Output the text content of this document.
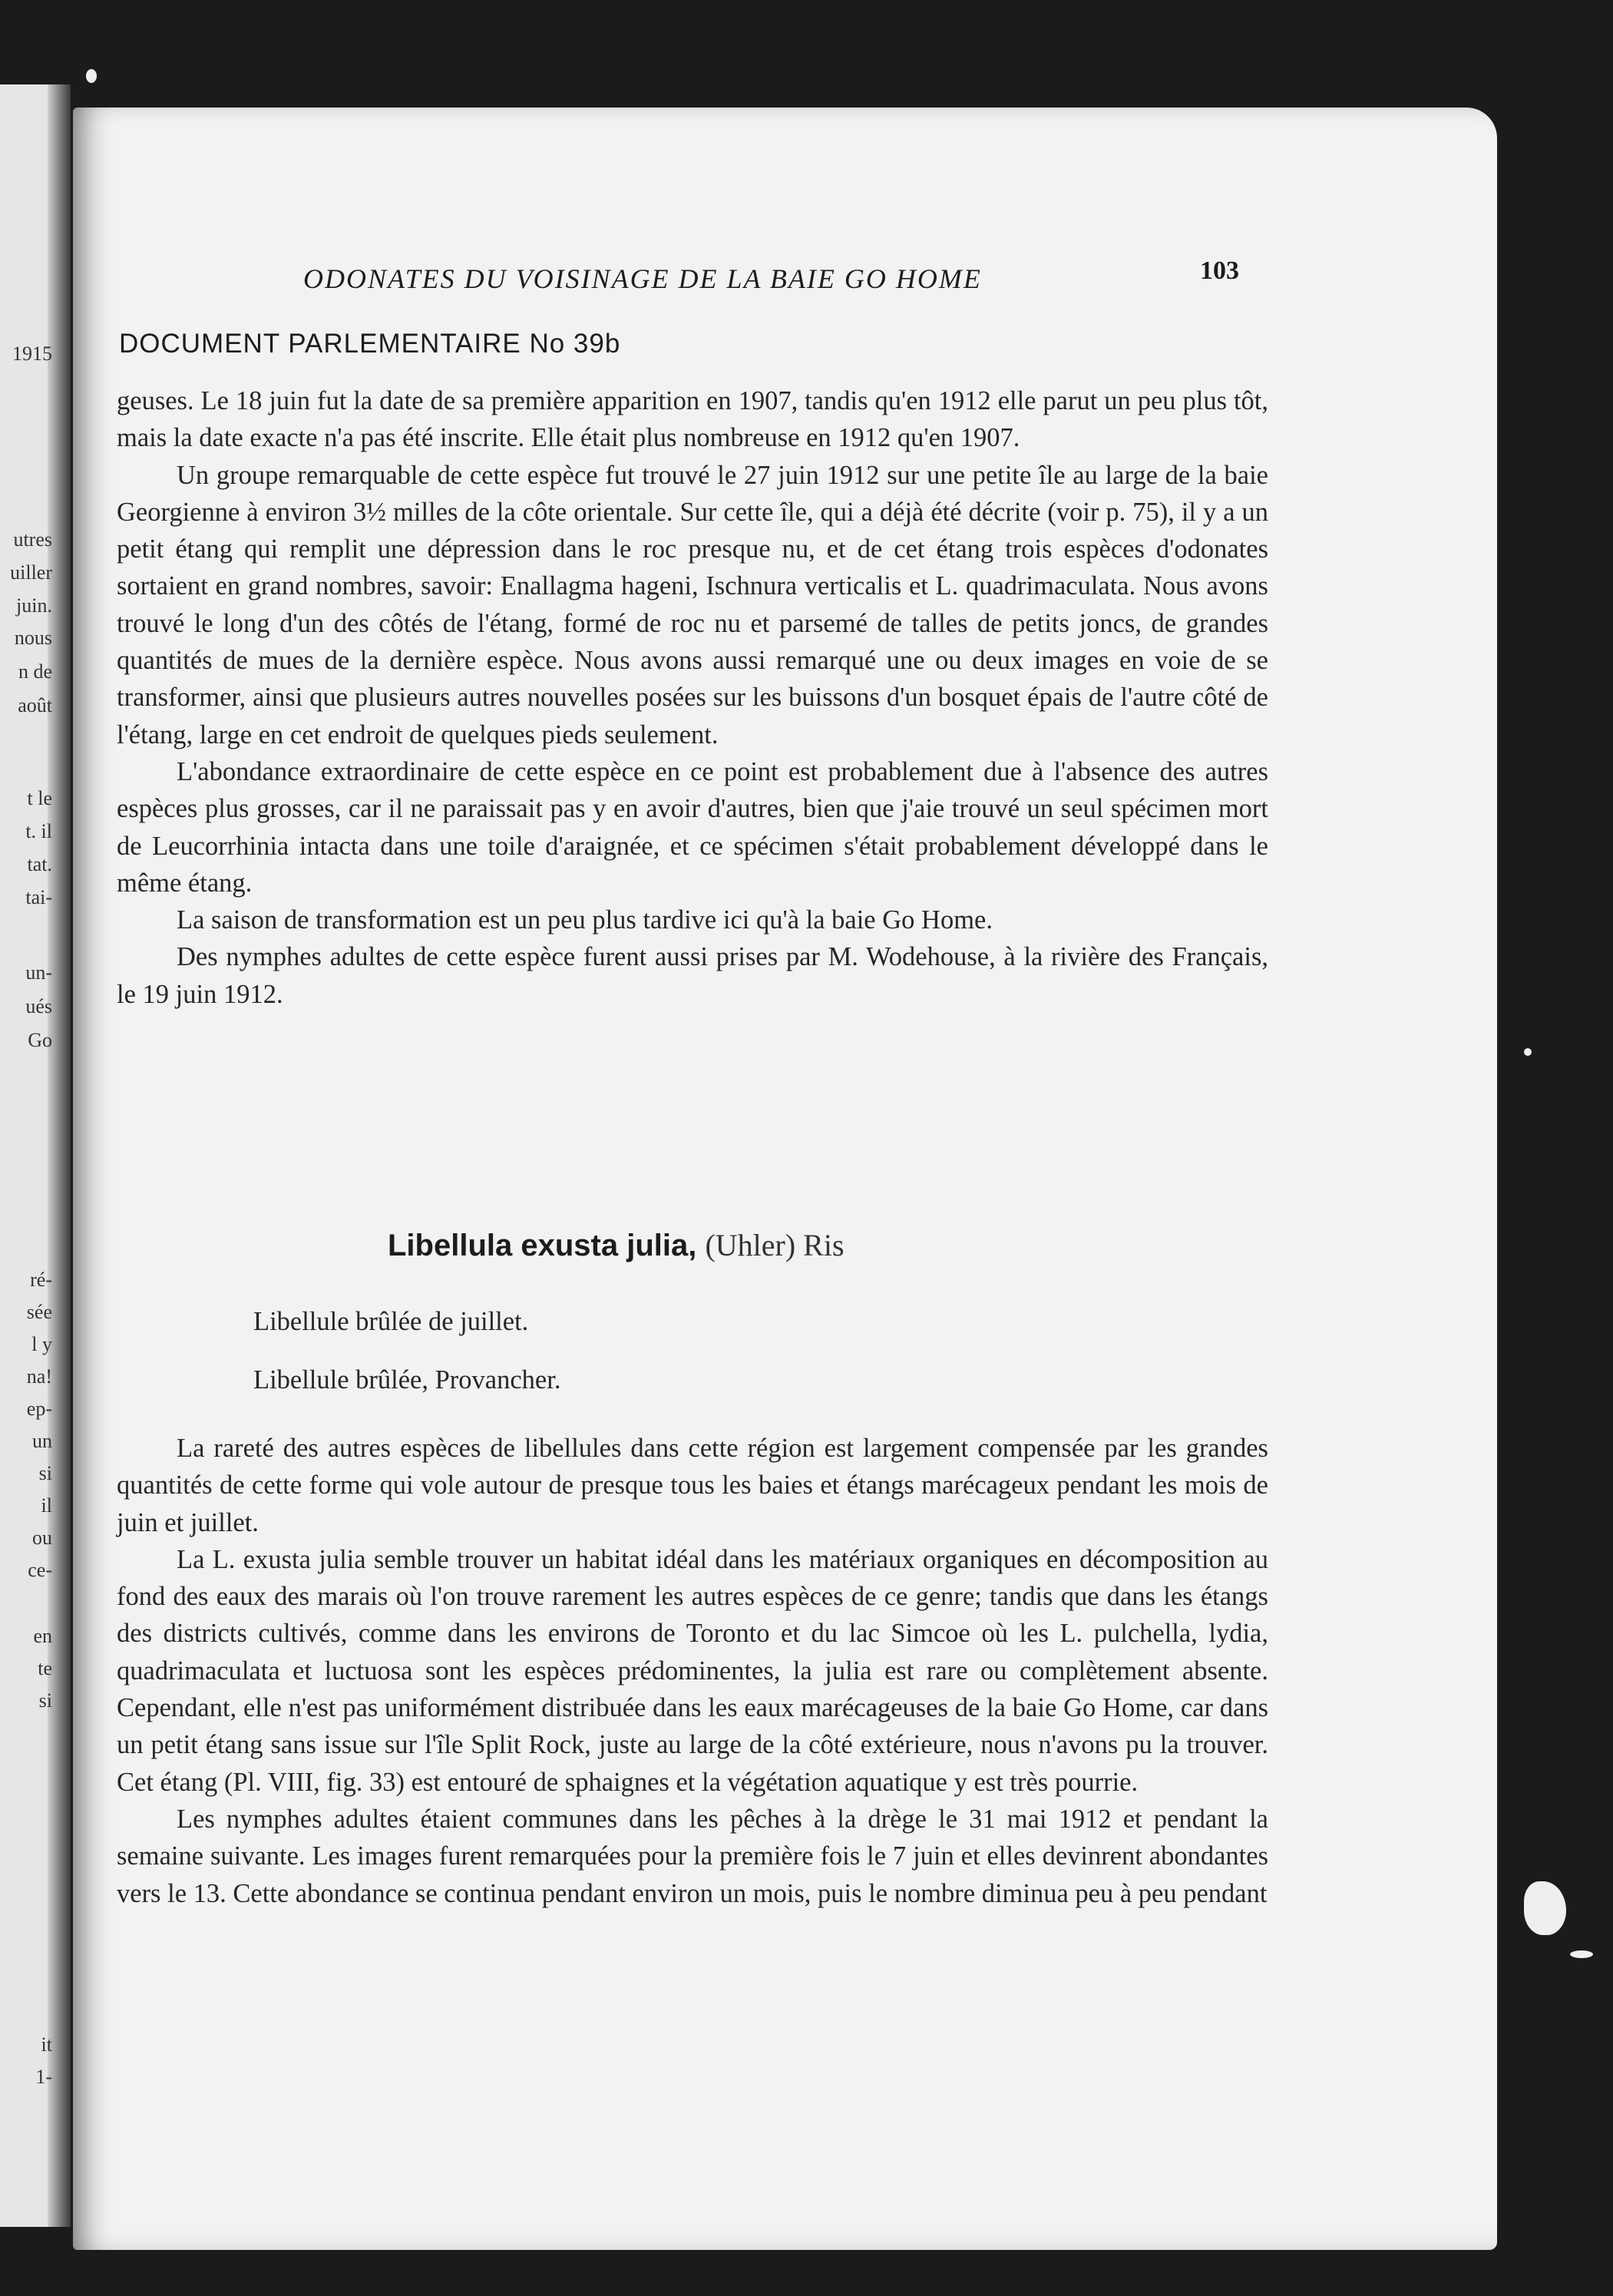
1915
utres
uiller
juin.
nous
n de
août
t le
t. il
tat.
tai-
un-
ués
Go
ré-
sée
l y
na!
ep-
un
si
il
ou
ce-
en
te
si
it
1-
ODONATES DU VOISINAGE DE LA BAIE GO HOME	103
DOCUMENT PARLEMENTAIRE No 39b

geuses. Le 18 juin fut la date de sa première apparition en 1907, tandis qu'en 1912 elle parut un peu plus tôt, mais la date exacte n'a pas été inscrite. Elle était plus nombreuse en 1912 qu'en 1907.

Un groupe remarquable de cette espèce fut trouvé le 27 juin 1912 sur une petite île au large de la baie Georgienne à environ 3½ milles de la côte orientale. Sur cette île, qui a déjà été décrite (voir p. 75), il y a un petit étang qui remplit une dépression dans le roc presque nu, et de cet étang trois espèces d'odonates sortaient en grand nombres, savoir: Enallagma hageni, Ischnura verticalis et L. quadrimaculata. Nous avons trouvé le long d'un des côtés de l'étang, formé de roc nu et parsemé de talles de petits joncs, de grandes quantités de mues de la dernière espèce. Nous avons aussi remarqué une ou deux images en voie de se transformer, ainsi que plusieurs autres nouvelles posées sur les buissons d'un bosquet épais de l'autre côté de l'étang, large en cet endroit de quelques pieds seulement.

L'abondance extraordinaire de cette espèce en ce point est probablement due à l'absence des autres espèces plus grosses, car il ne paraissait pas y en avoir d'autres, bien que j'aie trouvé un seul spécimen mort de Leucorrhinia intacta dans une toile d'araignée, et ce spécimen s'était probablement développé dans le même étang.

La saison de transformation est un peu plus tardive ici qu'à la baie Go Home.

Des nymphes adultes de cette espèce furent aussi prises par M. Wodehouse, à la rivière des Français, le 19 juin 1912.

Libellula exusta julia, (Uhler) Ris
Libellule brûlée de juillet.
Libellule brûlée, Provancher.

La rareté des autres espèces de libellules dans cette région est largement compensée par les grandes quantités de cette forme qui vole autour de presque tous les baies et étangs marécageux pendant les mois de juin et juillet.

La L. exusta julia semble trouver un habitat idéal dans les matériaux organiques en décomposition au fond des eaux des marais où l'on trouve rarement les autres espèces de ce genre; tandis que dans les étangs des districts cultivés, comme dans les environs de Toronto et du lac Simcoe où les L. pulchella, lydia, quadrimaculata et luctuosa sont les espèces prédominentes, la julia est rare ou complètement absente. Cependant, elle n'est pas uniformément distribuée dans les eaux marécageuses de la baie Go Home, car dans un petit étang sans issue sur l'île Split Rock, juste au large de la côté extérieure, nous n'avons pu la trouver. Cet étang (Pl. VIII, fig. 33) est entouré de sphaignes et la végétation aquatique y est très pourrie.

Les nymphes adultes étaient communes dans les pêches à la drège le 31 mai 1912 et pendant la semaine suivante. Les images furent remarquées pour la première fois le 7 juin et elles devinrent abondantes vers le 13. Cette abondance se continua pendant environ un mois, puis le nombre diminua peu à peu pendant
